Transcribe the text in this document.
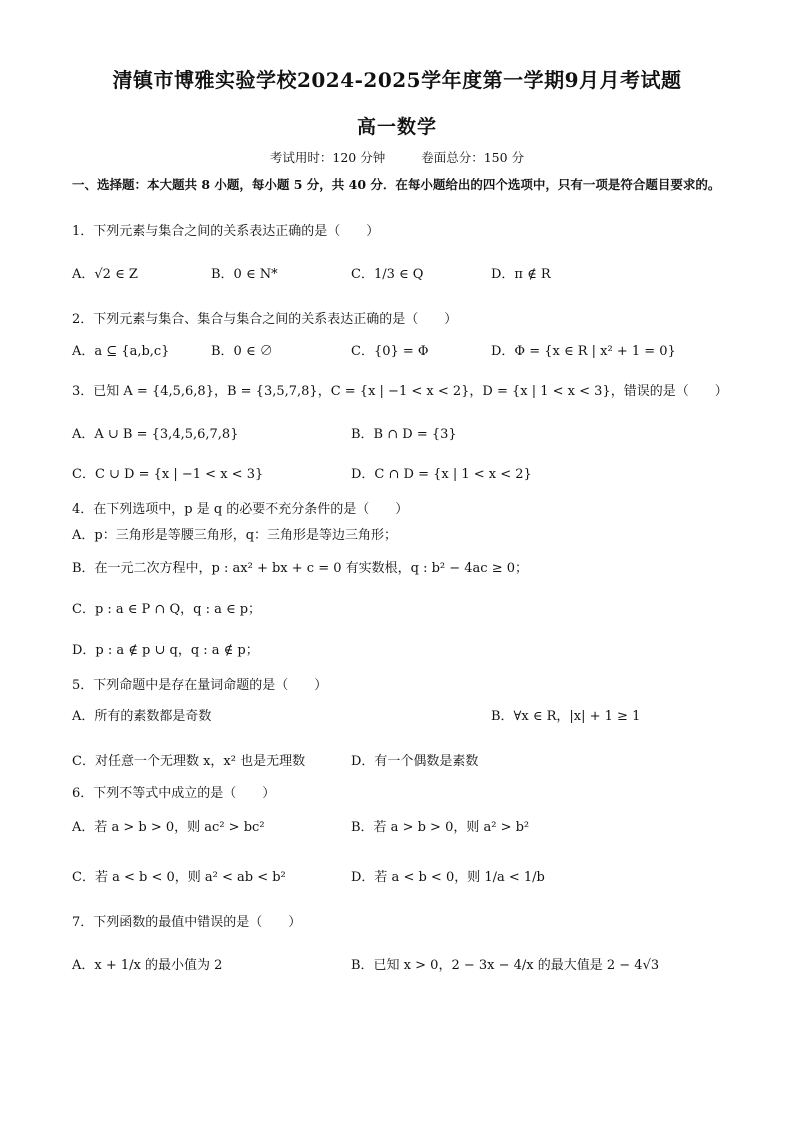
清镇市博雅实验学校2024-2025学年度第一学期9月月考试题
高一数学
考试用时：120 分钟	卷面总分：150 分
一、选择题：本大题共 8 小题，每小题 5 分，共 40 分．在每小题给出的四个选项中，只有一项是符合题目要求的。
1．下列元素与集合之间的关系表达正确的是（　　）
A．√2 ∈ Z	B．0 ∈ N*	C．1/3 ∈ Q	D．π ∉ R
2．下列元素与集合、集合与集合之间的关系表达正确的是（　　）
A．a ⊆ {a,b,c}	B．0 ∈ ∅	C．{0} = Φ	D．Φ = {x ∈ R | x² + 1 = 0}
3．已知 A = {4,5,6,8}，B = {3,5,7,8}，C = {x | −1 < x < 2}，D = {x | 1 < x < 3}，错误的是（　　）
A．A ∪ B = {3,4,5,6,7,8}	B．B ∩ D = {3}
C．C ∪ D = {x | −1 < x < 3}	D．C ∩ D = {x | 1 < x < 2}
4．在下列选项中，p 是 q 的必要不充分条件的是（　　）
A．p：三角形是等腰三角形，q：三角形是等边三角形；
B．在一元二次方程中，p : ax² + bx + c = 0 有实数根，q : b² − 4ac ≥ 0；
C．p : a ∈ P ∩ Q，q : a ∈ p；
D．p : a ∉ p ∪ q，q : a ∉ p；
5．下列命题中是存在量词命题的是（　　）
A．所有的素数都是奇数	B．∀x ∈ R，|x| + 1 ≥ 1
C．对任意一个无理数 x，x² 也是无理数	D．有一个偶数是素数
6．下列不等式中成立的是（　　）
A．若 a > b > 0，则 ac² > bc²	B．若 a > b > 0，则 a² > b²
C．若 a < b < 0，则 a² < ab < b²	D．若 a < b < 0，则 1/a < 1/b
7．下列函数的最值中错误的是（　　）
A．x + 1/x 的最小值为 2	B．已知 x > 0，2 − 3x − 4/x 的最大值是 2 − 4√3
